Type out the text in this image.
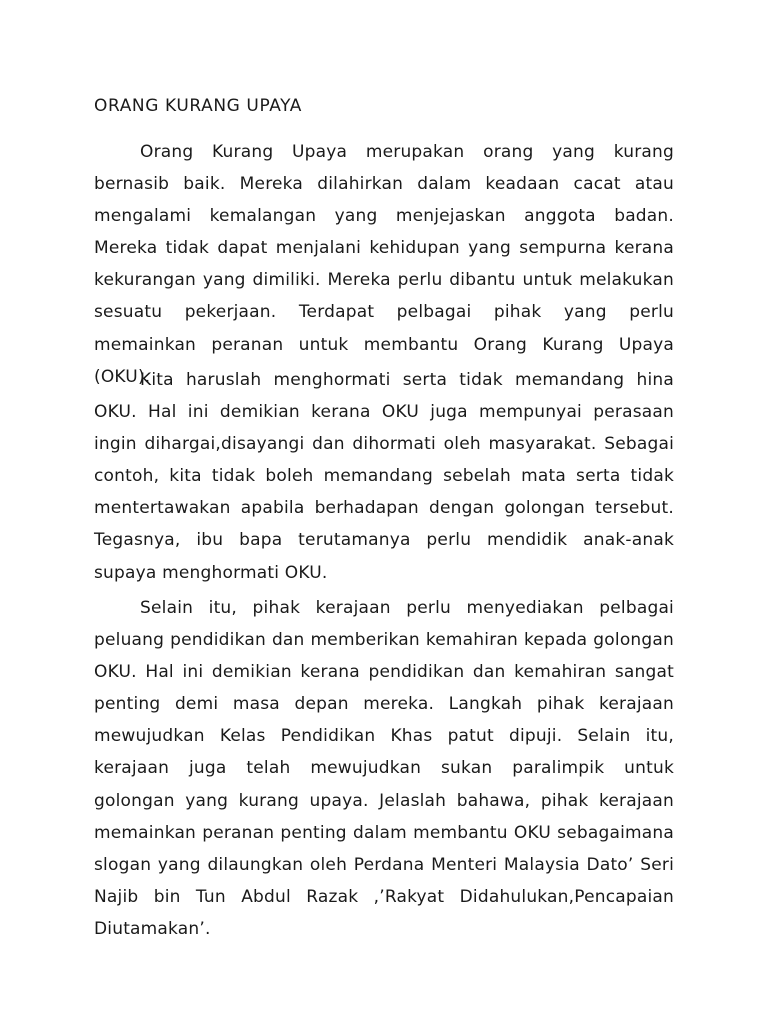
ORANG KURANG UPAYA

Orang Kurang Upaya merupakan orang yang kurang bernasib baik. Mereka dilahirkan dalam keadaan cacat atau mengalami kemalangan yang menjejaskan anggota badan. Mereka tidak dapat menjalani kehidupan yang sempurna kerana kekurangan yang dimiliki. Mereka perlu dibantu untuk melakukan sesuatu pekerjaan. Terdapat pelbagai pihak yang perlu memainkan peranan untuk membantu Orang Kurang Upaya (OKU).

Kita haruslah menghormati serta tidak memandang hina OKU. Hal ini demikian kerana OKU juga mempunyai perasaan ingin dihargai,disayangi dan dihormati oleh masyarakat. Sebagai contoh, kita tidak boleh memandang sebelah mata serta tidak mentertawakan apabila berhadapan dengan golongan tersebut. Tegasnya, ibu bapa terutamanya perlu mendidik anak-anak supaya menghormati OKU.

Selain itu, pihak kerajaan perlu menyediakan pelbagai peluang pendidikan dan memberikan kemahiran kepada golongan OKU. Hal ini demikian kerana pendidikan dan kemahiran sangat penting demi masa depan mereka. Langkah pihak kerajaan mewujudkan Kelas Pendidikan Khas patut dipuji. Selain itu, kerajaan juga telah mewujudkan sukan paralimpik untuk golongan yang kurang upaya. Jelaslah bahawa, pihak kerajaan memainkan peranan penting dalam membantu OKU sebagaimana slogan yang dilaungkan oleh Perdana Menteri Malaysia Dato’ Seri Najib bin Tun Abdul Razak ,’Rakyat Didahulukan,Pencapaian Diutamakan’.
